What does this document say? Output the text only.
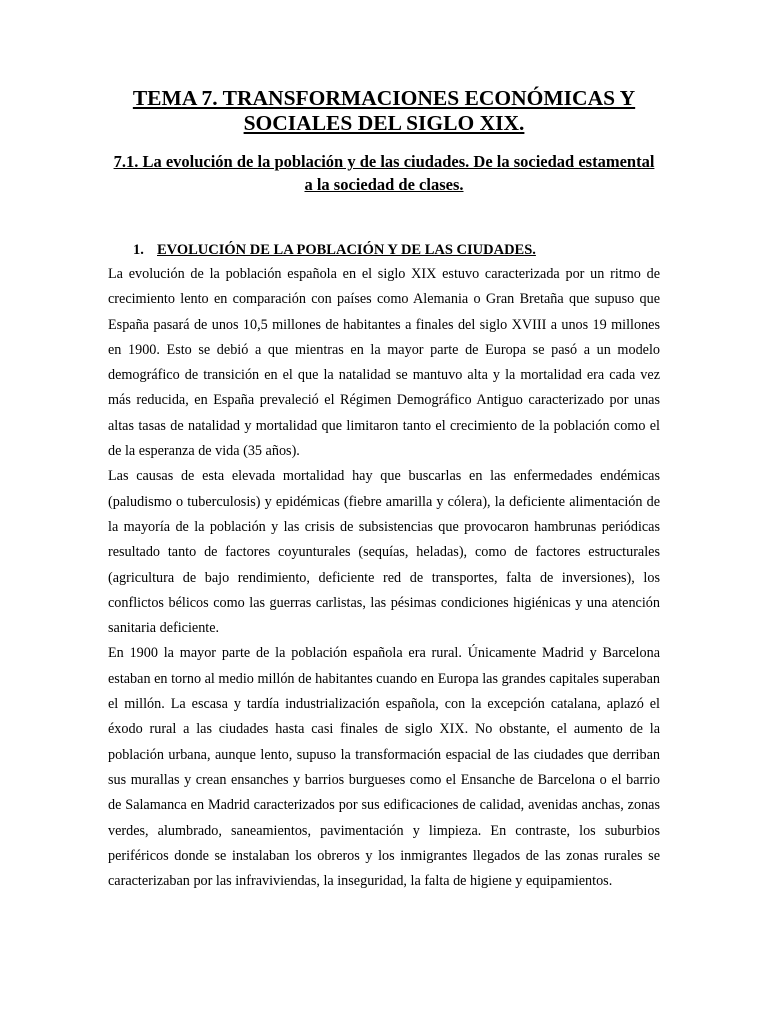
TEMA 7. TRANSFORMACIONES ECONÓMICAS Y SOCIALES DEL SIGLO XIX.
7.1. La evolución de la población y de las ciudades. De la sociedad estamental a la sociedad de clases.
1. EVOLUCIÓN DE LA POBLACIÓN Y DE LAS CIUDADES.

La evolución de la población española en el siglo XIX estuvo caracterizada por un ritmo de crecimiento lento en comparación con países como Alemania o Gran Bretaña que supuso que España pasará de unos 10,5 millones de habitantes a finales del siglo XVIII a unos 19 millones en 1900. Esto se debió a que mientras en la mayor parte de Europa se pasó a un modelo demográfico de transición en el que la natalidad se mantuvo alta y la mortalidad era cada vez más reducida, en España prevaleció el Régimen Demográfico Antiguo caracterizado por unas altas tasas de natalidad y mortalidad que limitaron tanto el crecimiento de la población como el de la esperanza de vida (35 años).

Las causas de esta elevada mortalidad hay que buscarlas en las enfermedades endémicas (paludismo o tuberculosis) y epidémicas (fiebre amarilla y cólera), la deficiente alimentación de la mayoría de la población y las crisis de subsistencias que provocaron hambrunas periódicas resultado tanto de factores coyunturales (sequías, heladas), como de factores estructurales (agricultura de bajo rendimiento, deficiente red de transportes, falta de inversiones), los conflictos bélicos como las guerras carlistas, las pésimas condiciones higiénicas y una atención sanitaria deficiente.

En 1900 la mayor parte de la población española era rural. Únicamente Madrid y Barcelona estaban en torno al medio millón de habitantes cuando en Europa las grandes capitales superaban el millón. La escasa y tardía industrialización española, con la excepción catalana, aplazó el éxodo rural a las ciudades hasta casi finales de siglo XIX. No obstante, el aumento de la población urbana, aunque lento, supuso la transformación espacial de las ciudades que derriban sus murallas y crean ensanches y barrios burgueses como el Ensanche de Barcelona o el barrio de Salamanca en Madrid caracterizados por sus edificaciones de calidad, avenidas anchas, zonas verdes, alumbrado, saneamientos, pavimentación y limpieza. En contraste, los suburbios periféricos donde se instalaban los obreros y los inmigrantes llegados de las zonas rurales se caracterizaban por las infraviviendas, la inseguridad, la falta de higiene y equipamientos.
